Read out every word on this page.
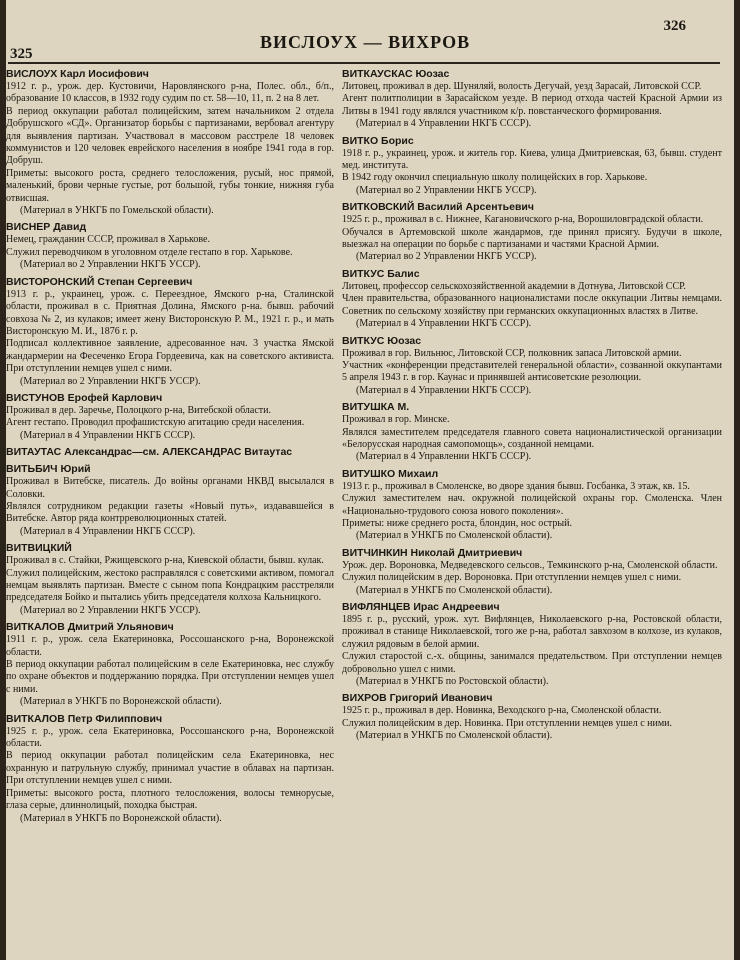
325
ВИСЛОУХ — ВИХРОВ
326
ВИСЛОУХ Карл Иосифович

1912 г. р., урож. дер. Кустовичи, Наровлянского р-на, Полес. обл., б/п., образование 10 классов, в 1932 году судим по ст. 58—10, 11, п. 2 на 8 лет.

В период оккупации работал полицейским, затем начальником 2 отдела Добрушского «СД». Организатор борьбы с партизанами, вербовал агентуру для выявления партизан. Участвовал в массовом расстреле 18 человек коммунистов и 120 человек еврейского населения в ноябре 1941 года в гор. Добруш.

Приметы: высокого роста, среднего телосложения, русый, нос прямой, маленький, брови черные густые, рот большой, губы тонкие, нижняя губа отвисшая.

(Материал в УНКГБ по Гомельской области).
ВИСНЕР Давид

Немец, гражданин СССР, проживал в Харькове.

Служил переводчиком в уголовном отделе гестапо в гор. Харькове.

(Материал во 2 Управлении НКГБ УССР).
ВИСТОРОНСКИЙ Степан Сергеевич

1913 г. р., украинец, урож. с. Переездное, Ямского р-на, Сталинской области, проживал в с. Приятная Долина, Ямского р-на. бывш. рабочий совхоза № 2, из кулаков; имеет жену Висторонскую Р. М., 1921 г. р., и мать Висторонскую М. И., 1876 г. р.

Подписал коллективное заявление, адресованное нач. 3 участка Ямской жандармерии на Фесеченко Егора Гордеевича, как на советского активиста. При отступлении немцев ушел с ними.

(Материал во 2 Управлении НКГБ УССР).
ВИСТУНОВ Ерофей Карлович

Проживал в дер. Заречье, Полоцкого р-на, Витебской области.

Агент гестапо. Проводил профашистскую агитацию среди населения.

(Материал в 4 Управлении НКГБ СССР).
ВИТАУТАС Александрас—см. АЛЕКСАНДРАС Витаутас
ВИТЬБИЧ Юрий

Проживал в Витебске, писатель. До войны органами НКВД высылался в Соловки.

Являлся сотрудником редакции газеты «Новый путь», издававшейся в Витебске. Автор ряда контрреволюционных статей.

(Материал в 4 Управлении НКГБ СССР).
ВИТВИЦКИЙ

Проживал в с. Стайки, Ржищевского р-на, Киевской области, бывш. кулак.

Служил полицейским, жестоко расправлялся с советскими активом, помогал немцам выявлять партизан. Вместе с сыном попа Кондрацким расстреляли председателя Бойко и пытались убить председателя колхоза Кальницкого.

(Материал во 2 Управлении НКГБ УССР).
ВИТКАЛОВ Дмитрий Ульянович

1911 г. р., урож. села Екатериновка, Россошанского р-на, Воронежской области.

В период оккупации работал полицейским в селе Екатериновка, нес службу по охране объектов и поддержанию порядка. При отступлении немцев ушел с ними.

(Материал в УНКГБ по Воронежской области).
ВИТКАЛОВ Петр Филиппович

1925 г. р., урож. села Екатериновка, Россошанского р-на, Воронежской области.

В период оккупации работал полицейским села Екатериновка, нес охранную и патрульную службу, принимал участие в облавах на партизан. При отступлении немцев ушел с ними.

Приметы: высокого роста, плотного телосложения, волосы темнорусые, глаза серые, длиннолицый, походка быстрая.

(Материал в УНКГБ по Воронежской области).
ВИТКАУСКАС Юозас

Литовец, проживал в дер. Шуняляй, волость Дегучай, уезд Зарасай, Литовской ССР.

Агент политполиции в Зарасайском уезде. В период отхода частей Красной Армии из Литвы в 1941 году являлся участником к/р. повстанческого формирования.

(Материал в 4 Управлении НКГБ СССР).
ВИТКО Борис

1918 г. р., украинец, урож. и житель гор. Киева, улица Дмитриевская, 63, бывш. студент мед. института.

В 1942 году окончил специальную школу полицейских в гор. Харькове.

(Материал во 2 Управлении НКГБ УССР).
ВИТКОВСКИЙ Василий Арсентьевич

1925 г. р., проживал в с. Нижнее, Кагановичского р-на, Ворошиловградской области.

Обучался в Артемовской школе жандармов, где принял присягу. Будучи в школе, выезжал на операции по борьбе с партизанами и частями Красной Армии.

(Материал во 2 Управлении НКГБ УССР).
ВИТКУС Балис

Литовец, профессор сельскохозяйственной академии в Дотнува, Литовской ССР.

Член правительства, образованного националистами после оккупации Литвы немцами. Советник по сельскому хозяйству при германских оккупационных властях в Литве.

(Материал в 4 Управлении НКГБ СССР).
ВИТКУС Юозас

Проживал в гор. Вильнюс, Литовской ССР, полковник запаса Литовской армии.

Участник «конференции представителей генеральной области», созванной оккупантами 5 апреля 1943 г. в гор. Каунас и принявшей антисоветские резолюции.

(Материал в 4 Управлении НКГБ СССР).
ВИТУШКА М.

Проживал в гор. Минске.

Являлся заместителем председателя главного совета националистической организации «Белорусская народная самопомощь», созданной немцами.

(Материал в 4 Управлении НКГБ СССР).
ВИТУШКО Михаил

1913 г. р., проживал в Смоленске, во дворе здания бывш. Госбанка, 3 этаж, кв. 15.

Служил заместителем нач. окружной полицейской охраны гор. Смоленска. Член «Национально-трудового союза нового поколения».

Приметы: ниже среднего роста, блондин, нос острый.

(Материал в УНКГБ по Смоленской области).
ВИТЧИНКИН Николай Дмитриевич

Урож. дер. Вороновка, Медведевского сельсов., Темкинского р-на, Смоленской области.

Служил полицейским в дер. Вороновка. При отступлении немцев ушел с ними.

(Материал в УНКГБ по Смоленской области).
ВИФЛЯНЦЕВ Ирас Андреевич

1895 г. р., русский, урож. хут. Вифлянцев, Николаевского р-на, Ростовской области, проживал в станице Николаевской, того же р-на, работал завхозом в колхозе, из кулаков, служил рядовым в белой армии.

Служил старостой с.-х. общины, занимался предательством. При отступлении немцев добровольно ушел с ними.

(Материал в УНКГБ по Ростовской области).
ВИХРОВ Григорий Иванович

1925 г. р., проживал в дер. Новинка, Веходского р-на, Смоленской области.

Служил полицейским в дер. Новинка. При отступлении немцев ушел с ними.

(Материал в УНКГБ по Смоленской области).
